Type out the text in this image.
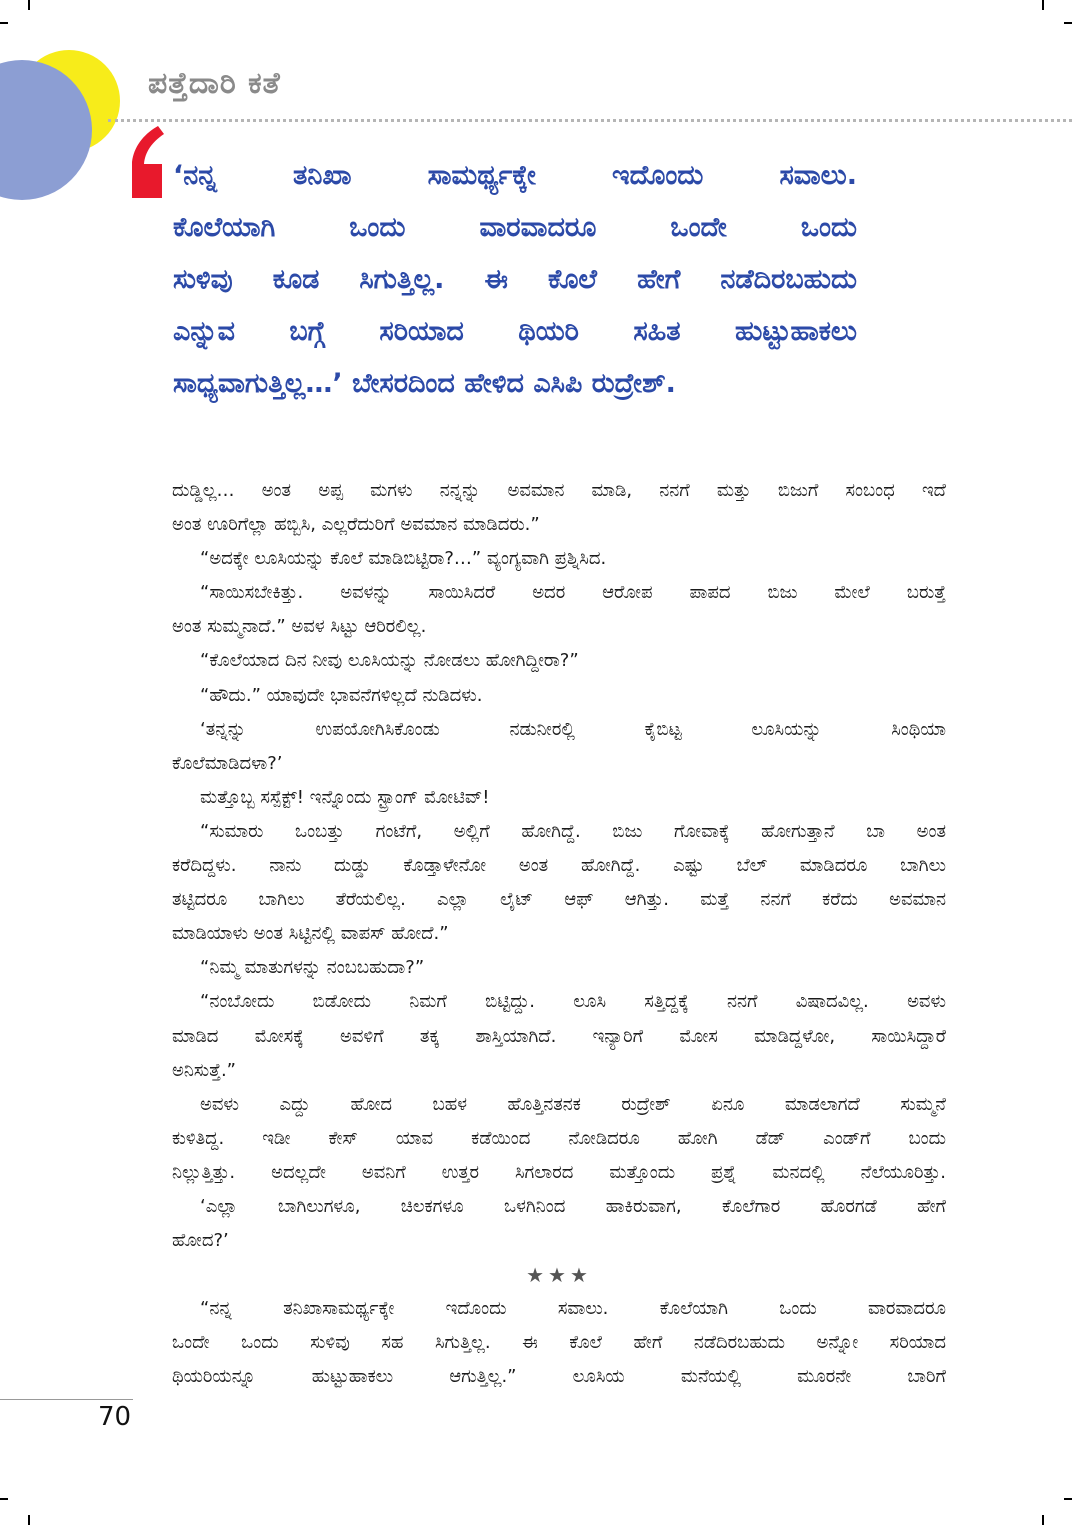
ಪತ್ತೆದಾರಿ ಕತೆ
‘ನನ್ನ ತನಿಖಾ ಸಾಮರ್ಥ್ಯಕ್ಕೇ ಇದೊಂದು ಸವಾಲು.
ಕೊಲೆಯಾಗಿ ಒಂದು ವಾರವಾದರೂ ಒಂದೇ ಒಂದು
ಸುಳಿವು ಕೂಡ ಸಿಗುತ್ತಿಲ್ಲ. ಈ ಕೊಲೆ ಹೇಗೆ ನಡೆದಿರಬಹುದು
ಎನ್ನುವ ಬಗ್ಗೆ ಸರಿಯಾದ ಥಿಯರಿ ಸಹಿತ ಹುಟ್ಟುಹಾಕಲು
ಸಾಧ್ಯವಾಗುತ್ತಿಲ್ಲ…’ ಬೇಸರದಿಂದ ಹೇಳಿದ ಎಸಿಪಿ ರುದ್ರೇಶ್.
ದುಡ್ಡಿಲ್ಲ… ಅಂತ ಅಪ್ಪ ಮಗಳು ನನ್ನನ್ನು ಅವಮಾನ ಮಾಡಿ, ನನಗೆ ಮತ್ತು ಬಿಜುಗೆ ಸಂಬಂಧ ಇದೆ
ಅಂತ ಊರಿಗೆಲ್ಲಾ ಹಬ್ಬಿಸಿ, ಎಲ್ಲರೆದುರಿಗೆ ಅವಮಾನ ಮಾಡಿದರು.”
“ಅದಕ್ಕೇ ಲೂಸಿಯನ್ನು ಕೊಲೆ ಮಾಡಿಬಿಟ್ಟಿರಾ?…” ವ್ಯಂಗ್ಯವಾಗಿ ಪ್ರಶ್ನಿಸಿದ.
“ಸಾಯಿಸಬೇಕಿತ್ತು. ಅವಳನ್ನು ಸಾಯಿಸಿದರೆ ಅದರ ಆರೋಪ ಪಾಪದ ಬಿಜು ಮೇಲೆ ಬರುತ್ತೆ
ಅಂತ ಸುಮ್ಮನಾದೆ.” ಅವಳ ಸಿಟ್ಟು ಆರಿರಲಿಲ್ಲ.
“ಕೊಲೆಯಾದ ದಿನ ನೀವು ಲೂಸಿಯನ್ನು ನೋಡಲು ಹೋಗಿದ್ದೀರಾ?”
“ಹೌದು.” ಯಾವುದೇ ಭಾವನೆಗಳಿಲ್ಲದೆ ನುಡಿದಳು.
‘ತನ್ನನ್ನು ಉಪಯೋಗಿಸಿಕೊಂಡು ನಡುನೀರಲ್ಲಿ ಕೈಬಿಟ್ಟ ಲೂಸಿಯನ್ನು ಸಿಂಥಿಯಾ
ಕೊಲೆಮಾಡಿದಳಾ?’
ಮತ್ತೊಬ್ಬ ಸಸ್ಪೆಕ್ಟ್! ಇನ್ನೊಂದು ಸ್ಟ್ರಾಂಗ್ ಮೋಟಿವ್!
“ಸುಮಾರು ಒಂಬತ್ತು ಗಂಟೆಗೆ, ಅಲ್ಲಿಗೆ ಹೋಗಿದ್ದೆ. ಬಿಜು ಗೋವಾಕ್ಕೆ ಹೋಗುತ್ತಾನೆ ಬಾ ಅಂತ
ಕರೆದಿದ್ದಳು. ನಾನು ದುಡ್ಡು ಕೊಡ್ತಾಳೇನೋ ಅಂತ ಹೋಗಿದ್ದೆ. ಎಷ್ಟು ಬೆಲ್ ಮಾಡಿದರೂ ಬಾಗಿಲು
ತಟ್ಟಿದರೂ ಬಾಗಿಲು ತೆರೆಯಲಿಲ್ಲ. ಎಲ್ಲಾ ಲೈಟ್ ಆಫ್ ಆಗಿತ್ತು. ಮತ್ತೆ ನನಗೆ ಕರೆದು ಅವಮಾನ
ಮಾಡಿಯಾಳು ಅಂತ ಸಿಟ್ಟಿನಲ್ಲಿ ವಾಪಸ್ ಹೋದೆ.”
“ನಿಮ್ಮ ಮಾತುಗಳನ್ನು ನಂಬಬಹುದಾ?”
“ನಂಬೋದು ಬಿಡೋದು ನಿಮಗೆ ಬಿಟ್ಟಿದ್ದು. ಲೂಸಿ ಸತ್ತಿದ್ದಕ್ಕೆ ನನಗೆ ವಿಷಾದವಿಲ್ಲ. ಅವಳು
ಮಾಡಿದ ಮೋಸಕ್ಕೆ ಅವಳಿಗೆ ತಕ್ಕ ಶಾಸ್ತಿಯಾಗಿದೆ. ಇನ್ಯಾರಿಗೆ ಮೋಸ ಮಾಡಿದ್ದಳೋ, ಸಾಯಿಸಿದ್ದಾರೆ
ಅನಿಸುತ್ತೆ.”
ಅವಳು ಎದ್ದು ಹೋದ ಬಹಳ ಹೊತ್ತಿನತನಕ ರುದ್ರೇಶ್ ಏನೂ ಮಾಡಲಾಗದೆ ಸುಮ್ಮನೆ
ಕುಳಿತಿದ್ದ. ಇಡೀ ಕೇಸ್ ಯಾವ ಕಡೆಯಿಂದ ನೋಡಿದರೂ ಹೋಗಿ ಡೆಡ್ ಎಂಡ್‌ಗೆ ಬಂದು
ನಿಲ್ಲುತ್ತಿತ್ತು. ಅದಲ್ಲದೇ ಅವನಿಗೆ ಉತ್ತರ ಸಿಗಲಾರದ ಮತ್ತೊಂದು ಪ್ರಶ್ನೆ ಮನದಲ್ಲಿ ನೆಲೆಯೂರಿತ್ತು.
‘ಎಲ್ಲಾ ಬಾಗಿಲುಗಳೂ, ಚಿಲಕಗಳೂ ಒಳಗಿನಿಂದ ಹಾಕಿರುವಾಗ, ಕೊಲೆಗಾರ ಹೊರಗಡೆ ಹೇಗೆ
ಹೋದ?’
★★★
“ನನ್ನ ತನಿಖಾಸಾಮರ್ಥ್ಯಕ್ಕೇ ಇದೊಂದು ಸವಾಲು. ಕೊಲೆಯಾಗಿ ಒಂದು ವಾರವಾದರೂ
ಒಂದೇ ಒಂದು ಸುಳಿವು ಸಹ ಸಿಗುತ್ತಿಲ್ಲ. ಈ ಕೊಲೆ ಹೇಗೆ ನಡೆದಿರಬಹುದು ಅನ್ನೋ ಸರಿಯಾದ
ಥಿಯರಿಯನ್ನೂ ಹುಟ್ಟುಹಾಕಲು ಆಗುತ್ತಿಲ್ಲ.” ಲೂಸಿಯ ಮನೆಯಲ್ಲಿ ಮೂರನೇ ಬಾರಿಗೆ
70
